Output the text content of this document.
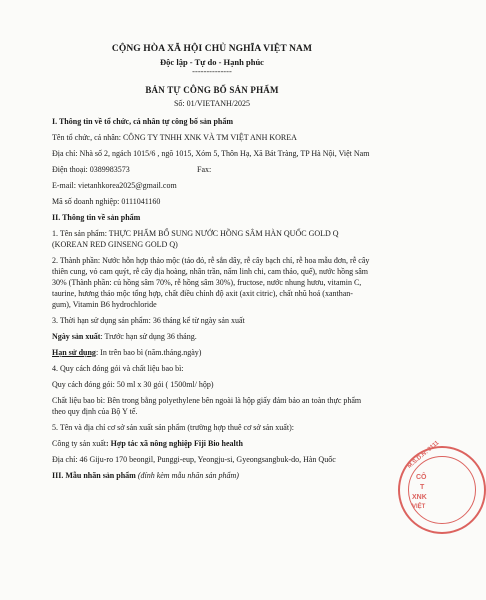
CỘNG HÒA XÃ HỘI CHỦ NGHĨA VIỆT NAM
Độc lập - Tự do - Hạnh phúc
--------------
BẢN TỰ CÔNG BỐ SẢN PHẨM
Số: 01/VIETANH/2025
I. Thông tin về tổ chức, cá nhân tự công bố sản phẩm
Tên tổ chức, cá nhân: CÔNG TY TNHH XNK VÀ TM VIỆT ANH KOREA
Địa chỉ: Nhà số 2, ngách 1015/6 , ngõ 1015, Xóm 5, Thôn Hạ, Xã Bát Tràng, TP Hà Nội, Việt Nam
Điện thoại: 0389983573	Fax:
E-mail: vietanhkorea2025@gmail.com
Mã số doanh nghiệp: 0111041160
II. Thông tin về sản phẩm
1. Tên sản phẩm: THỰC PHẨM BỔ SUNG NƯỚC HỒNG SÂM HÀN QUỐC GOLD Q (KOREAN RED GINSENG GOLD Q)
2. Thành phần: Nước hỗn hợp thảo mộc (táo đỏ, rễ sắn dây, rễ cây bạch chỉ, rễ hoa mẫu đơn, rễ cây thiên cung, vỏ cam quýt, rễ cây địa hoàng, nhân trần, nấm linh chi, cam thảo, quế), nước hồng sâm 30% (Thành phần: củ hồng sâm 70%, rễ hồng sâm 30%), fructose, nước nhung hươu, vitamin C, taurine, hương thảo mộc tổng hợp, chất điều chỉnh độ axit (axit citric), chất nhũ hoá (xanthan-gum), Vitamin B6 hydrochloride
3. Thời hạn sử dụng sản phẩm: 36 tháng kể từ ngày sản xuất
Ngày sản xuất: Trước hạn sử dụng 36 tháng.
Hạn sử dụng: In trên bao bì (năm.tháng.ngày)
4. Quy cách đóng gói và chất liệu bao bì:
Quy cách đóng gói: 50 ml x 30 gói ( 1500ml/ hộp)
Chất liệu bao bì: Bên trong bằng polyethylene bên ngoài là hộp giấy đảm bảo an toàn thực phẩm theo quy định của Bộ Y tế.
5. Tên và địa chỉ cơ sở sản xuất sản phẩm (trường hợp thuê cơ sở sản xuất):
Công ty sản xuất: Hợp tác xã nông nghiệp Fiji Bio health
Địa chỉ: 46 Giju-ro 170 beongil, Punggi-eup, Yeongju-si, Gyeongsangbuk-do, Hàn Quốc
III. Mẫu nhãn sản phẩm (đính kèm mẫu nhãn sản phẩm)
M.S.D.N: 0111
CÔ
T
XNK
VIỆT
